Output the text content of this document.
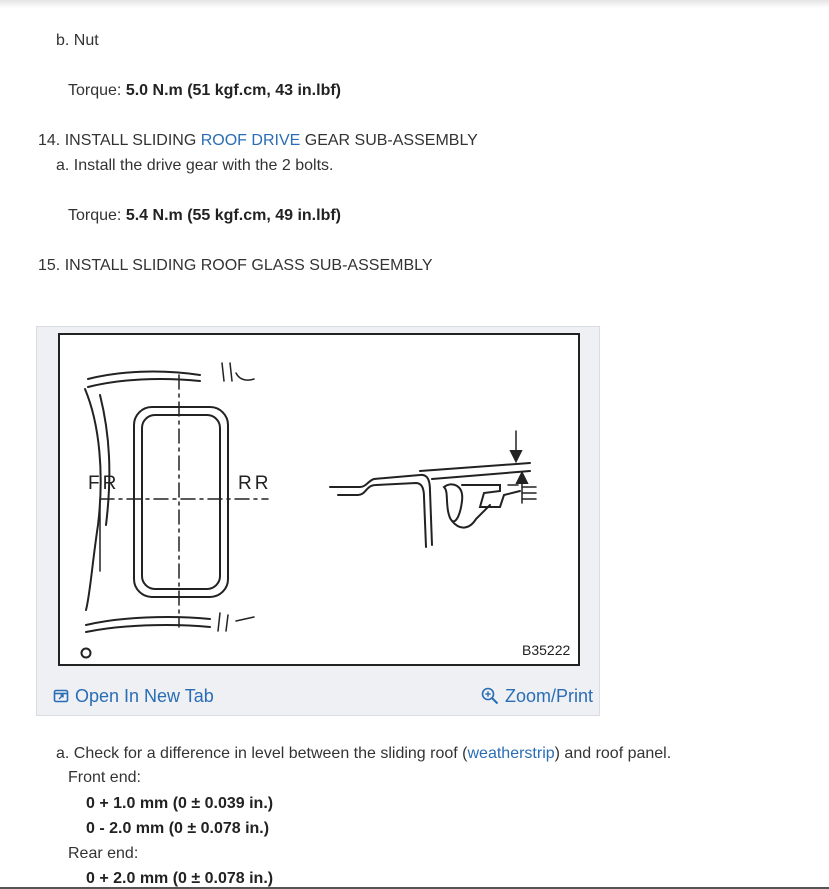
b. Nut
Torque: 5.0 N.m (51 kgf.cm, 43 in.lbf)
14. INSTALL SLIDING ROOF DRIVE GEAR SUB-ASSEMBLY
a. Install the drive gear with the 2 bolts.
Torque: 5.4 N.m (55 kgf.cm, 49 in.lbf)
15. INSTALL SLIDING ROOF GLASS SUB-ASSEMBLY
FR	RR
B35222
Open In New Tab	Zoom/Print
a. Check for a difference in level between the sliding roof (weatherstrip) and roof panel.
Front end:
0 + 1.0 mm (0 ± 0.039 in.)
0 - 2.0 mm (0 ± 0.078 in.)
Rear end:
0 + 2.0 mm (0 ± 0.078 in.)
